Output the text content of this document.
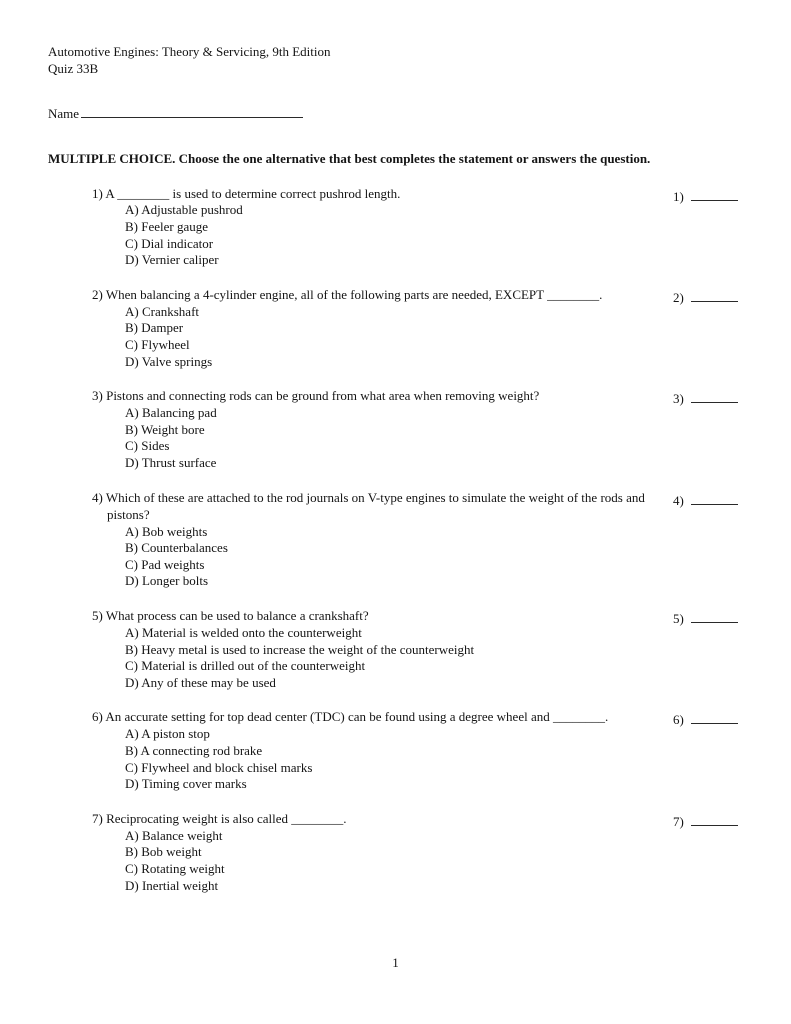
Automotive Engines: Theory & Servicing, 9th Edition
Quiz 33B
Name
MULTIPLE CHOICE. Choose the one alternative that best completes the statement or answers the question.
1) A ________ is used to determine correct pushrod length.
A) Adjustable pushrod
B) Feeler gauge
C) Dial indicator
D) Vernier caliper
1)
2) When balancing a 4-cylinder engine, all of the following parts are needed, EXCEPT ________.
A) Crankshaft
B) Damper
C) Flywheel
D) Valve springs
2)
3) Pistons and connecting rods can be ground from what area when removing weight?
A) Balancing pad
B) Weight bore
C) Sides
D) Thrust surface
3)
4) Which of these are attached to the rod journals on V-type engines to simulate the weight of the rods and pistons?
A) Bob weights
B) Counterbalances
C) Pad weights
D) Longer bolts
4)
5) What process can be used to balance a crankshaft?
A) Material is welded onto the counterweight
B) Heavy metal is used to increase the weight of the counterweight
C) Material is drilled out of the counterweight
D) Any of these may be used
5)
6) An accurate setting for top dead center (TDC) can be found using a degree wheel and ________.
A) A piston stop
B) A connecting rod brake
C) Flywheel and block chisel marks
D) Timing cover marks
6)
7) Reciprocating weight is also called ________.
A) Balance weight
B) Bob weight
C) Rotating weight
D) Inertial weight
7)
1
